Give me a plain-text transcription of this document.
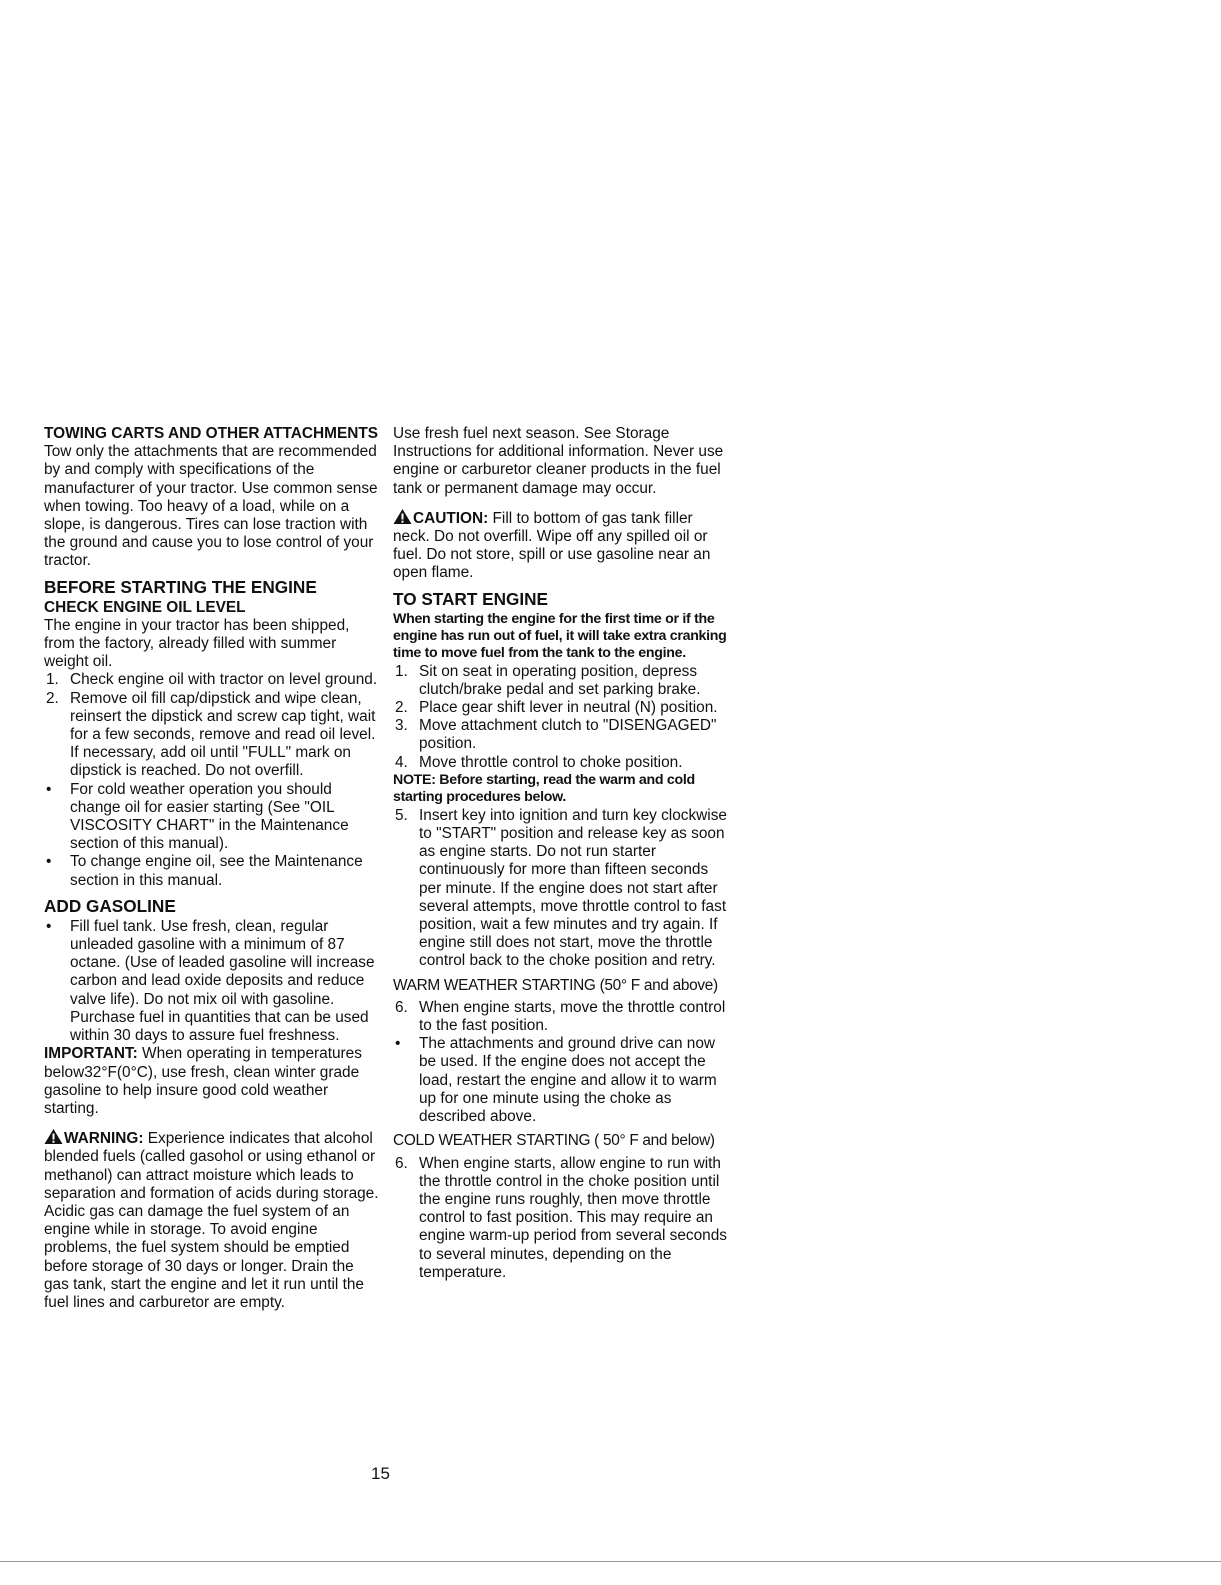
TOWING CARTS AND OTHER ATTACHMENTS

Tow only the attachments that are recommended by and comply with specifications of the manufacturer of your tractor. Use common sense when towing. Too heavy of a load, while on a slope, is dangerous. Tires can lose traction with the ground and cause you to lose control of your tractor.

BEFORE STARTING THE ENGINE
CHECK ENGINE OIL LEVEL
The engine in your tractor has been shipped, from the factory, already filled with summer weight oil.
1. Check engine oil with tractor on level ground.
2. Remove oil fill cap/dipstick and wipe clean, reinsert the dipstick and screw cap tight, wait for a few seconds, remove and read oil level. If necessary, add oil until "FULL" mark on dipstick is reached. Do not overfill.
•	For cold weather operation you should change oil for easier starting (See "OIL VISCOSITY CHART" in the Maintenance section of this manual).
•	To change engine oil, see the Maintenance section in this manual.
ADD GASOLINE
•	Fill fuel tank. Use fresh, clean, regular unleaded gasoline with a minimum of 87 octane. (Use of leaded gasoline will increase carbon and lead oxide deposits and reduce valve life). Do not mix oil with gasoline. Purchase fuel in quantities that can be used within 30 days to assure fuel freshness.

IMPORTANT: When operating in temperatures below32°F(0°C), use fresh, clean winter grade gasoline to help insure good cold weather starting.

WARNING: Experience indicates that alcohol blended fuels (called gasohol or using ethanol or methanol) can attract moisture which leads to separation and formation of acids during storage. Acidic gas can damage the fuel system of an engine while in storage. To avoid engine problems, the fuel system should be emptied before storage of 30 days or longer. Drain the gas tank, start the engine and let it run until the fuel lines and carburetor are empty.

Use fresh fuel next season. See Storage Instructions for additional information. Never use engine or carburetor cleaner products in the fuel tank or permanent damage may occur.

CAUTION: Fill to bottom of gas tank filler neck. Do not overfill. Wipe off any spilled oil or fuel. Do not store, spill or use gasoline near an open flame.

TO START ENGINE
When starting the engine for the first time or if the engine has run out of fuel, it will take extra cranking time to move fuel from the tank to the engine.
1. Sit on seat in operating position, depress clutch/brake pedal and set parking brake.
2. Place gear shift lever in neutral (N) position.
3. Move attachment clutch to "DISENGAGED" position.
4. Move throttle control to choke position.
NOTE: Before starting, read the warm and cold starting procedures below.
5. Insert key into ignition and turn key clockwise to "START" position and release key as soon as engine starts. Do not run starter continuously for more than fifteen seconds per minute. If the engine does not start after several attempts, move throttle control to fast position, wait a few minutes and try again. If engine still does not start, move the throttle control back to the choke position and retry.
WARM WEATHER STARTING (50° F and above)
6. When engine starts, move the throttle control to the fast position.
•	The attachments and ground drive can now be used. If the engine does not accept the load, restart the engine and allow it to warm up for one minute using the choke as described above.
COLD WEATHER STARTING ( 50° F and below)
6. When engine starts, allow engine to run with the throttle control in the choke position until the engine runs roughly, then move throttle control to fast position. This may require an engine warm-up period from several seconds to several minutes, depending on the temperature.
15
